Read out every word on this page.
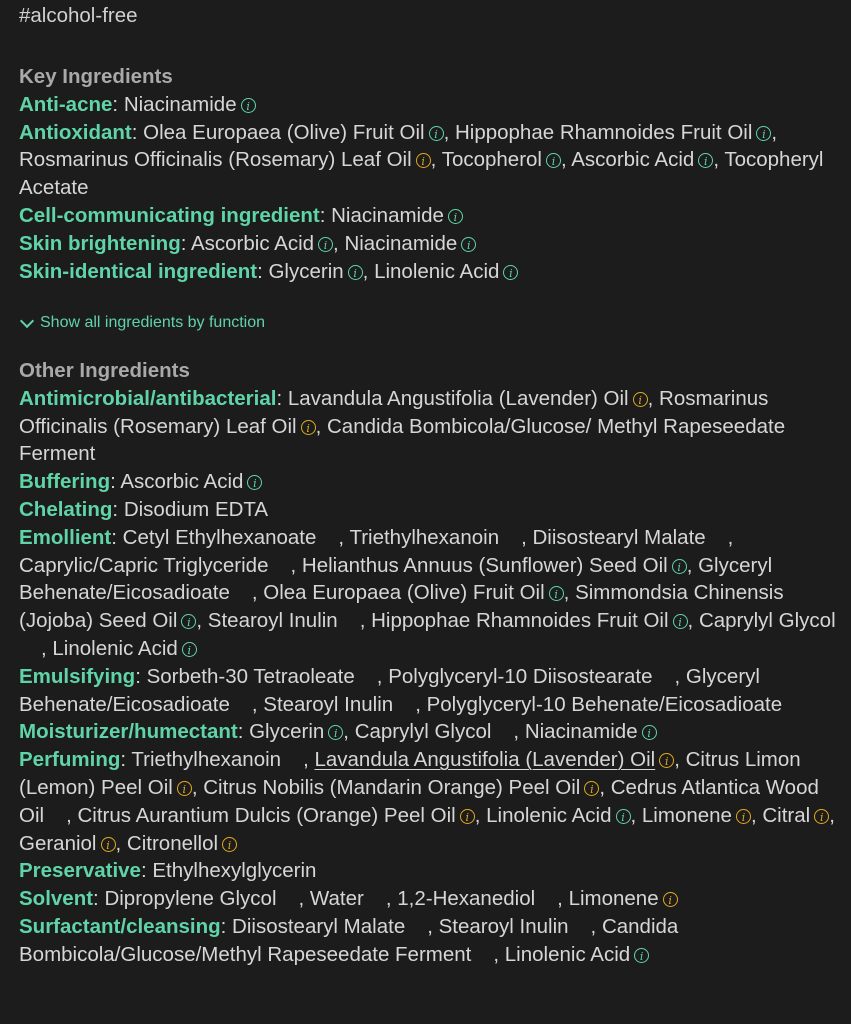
#alcohol-free
Key Ingredients
Anti-acne: Niacinamide i
Antioxidant: Olea Europaea (Olive) Fruit Oil i , Hippophae Rhamnoides Fruit Oil i , Rosmarinus Officinalis (Rosemary) Leaf Oil i , Tocopherol i , Ascorbic Acid i , Tocopheryl Acetate
Cell-communicating ingredient: Niacinamide i
Skin brightening: Ascorbic Acid i , Niacinamide i
Skin-identical ingredient: Glycerin i , Linolenic Acid i
Show all ingredients by function
Other Ingredients
Antimicrobial/antibacterial: Lavandula Angustifolia (Lavender) Oil i , Rosmarinus Officinalis (Rosemary) Leaf Oil i , Candida Bombicola/Glucose/ Methyl Rapeseedate Ferment
Buffering: Ascorbic Acid i
Chelating: Disodium EDTA
Emollient: Cetyl Ethylhexanoate , Triethylhexanoin , Diisostearyl Malate , Caprylic/Capric Triglyceride , Helianthus Annuus (Sunflower) Seed Oil i , Glyceryl Behenate/Eicosadioate , Olea Europaea (Olive) Fruit Oil i , Simmondsia Chinensis (Jojoba) Seed Oil i , Stearoyl Inulin , Hippophae Rhamnoides Fruit Oil i , Caprylyl Glycol, Linolenic Acid i
Emulsifying: Sorbeth-30 Tetraoleate , Polyglyceryl-10 Diisostearate , Glyceryl Behenate/Eicosadioate , Stearoyl Inulin , Polyglyceryl-10 Behenate/Eicosadioate
Moisturizer/humectant: Glycerin i , Caprylyl Glycol , Niacinamide i
Perfuming: Triethylhexanoin , Lavandula Angustifolia (Lavender) Oil i , Citrus Limon (Lemon) Peel Oil i , Citrus Nobilis (Mandarin Orange) Peel Oil i , Cedrus Atlantica Wood Oil , Citrus Aurantium Dulcis (Orange) Peel Oil i , Linolenic Acid i , Limonene i , Citral i , Geraniol i , Citronellol i
Preservative: Ethylhexylglycerin
Solvent: Dipropylene Glycol , Water , 1,2-Hexanediol , Limonene i
Surfactant/cleansing: Diisostearyl Malate , Stearoyl Inulin , Candida Bombicola/Glucose/Methyl Rapeseedate Ferment , Linolenic Acid i
